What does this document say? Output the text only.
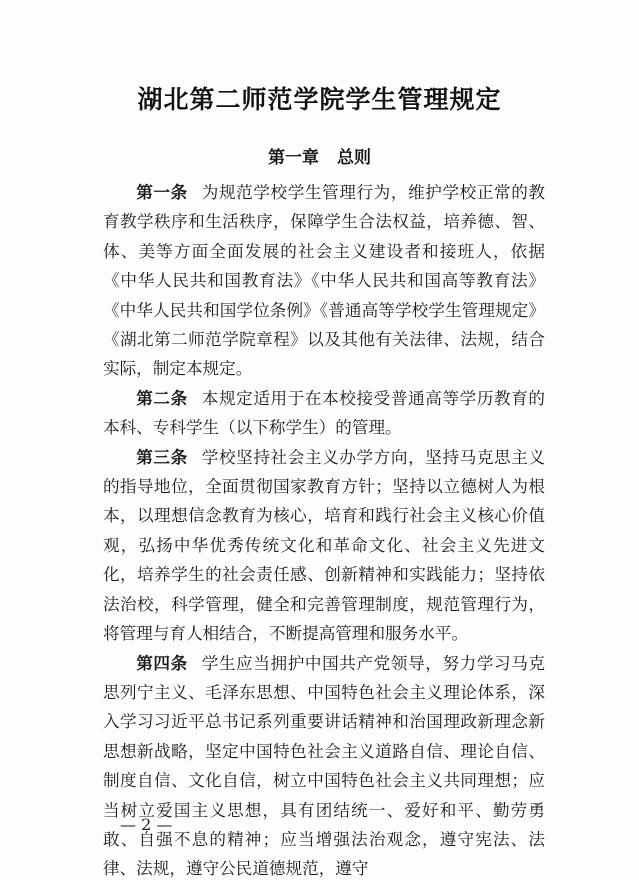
湖北第二师范学院学生管理规定
第一章 总则

第一条 为规范学校学生管理行为，维护学校正常的教育教学秩序和生活秩序，保障学生合法权益，培养德、智、体、美等方面全面发展的社会主义建设者和接班人，依据《中华人民共和国教育法》《中华人民共和国高等教育法》《中华人民共和国学位条例》《普通高等学校学生管理规定》《湖北第二师范学院章程》以及其他有关法律、法规，结合实际，制定本规定。

第二条 本规定适用于在本校接受普通高等学历教育的本科、专科学生（以下称学生）的管理。

第三条 学校坚持社会主义办学方向，坚持马克思主义的指导地位，全面贯彻国家教育方针；坚持以立德树人为根本，以理想信念教育为核心，培育和践行社会主义核心价值观，弘扬中华优秀传统文化和革命文化、社会主义先进文化，培养学生的社会责任感、创新精神和实践能力；坚持依法治校，科学管理，健全和完善管理制度，规范管理行为，将管理与育人相结合，不断提高管理和服务水平。

第四条 学生应当拥护中国共产党领导，努力学习马克思列宁主义、毛泽东思想、中国特色社会主义理论体系，深入学习习近平总书记系列重要讲话精神和治国理政新理念新思想新战略，坚定中国特色社会主义道路自信、理论自信、制度自信、文化自信，树立中国特色社会主义共同理想；应当树立爱国主义思想，具有团结统一、爱好和平、勤劳勇敢、自强不息的精神；应当增强法治观念，遵守宪法、法律、法规，遵守公民道德规范，遵守

— 2 —
